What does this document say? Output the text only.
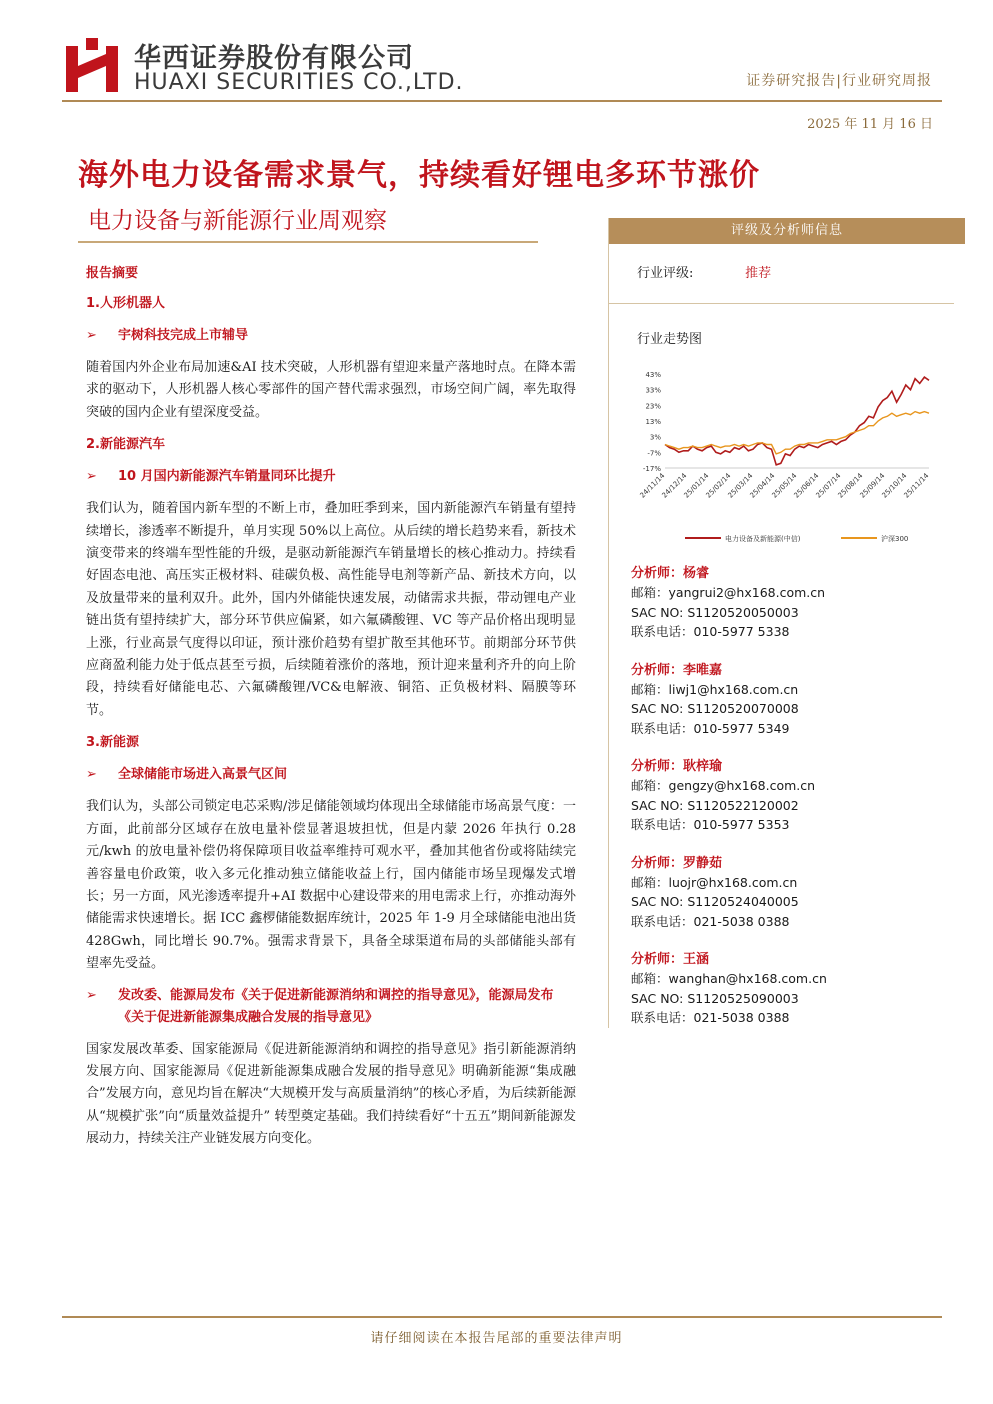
华西证券股份有限公司
HUAXI SECURITIES CO.,LTD.	证券研究报告|行业研究周报
2025 年 11 月 16 日
海外电力设备需求景气，持续看好锂电多环节涨价
电力设备与新能源行业周观察
报告摘要
1.人形机器人
➢	宇树科技完成上市辅导
随着国内外企业布局加速&AI 技术突破，人形机器有望迎来量产落地时点。在降本需求的驱动下，人形机器人核心零部件的国产替代需求强烈，市场空间广阔，率先取得突破的国内企业有望深度受益。
2.新能源汽车
➢	10 月国内新能源汽车销量同环比提升
我们认为，随着国内新车型的不断上市，叠加旺季到来，国内新能源汽车销量有望持续增长，渗透率不断提升，单月实现 50%以上高位。从后续的增长趋势来看，新技术演变带来的终端车型性能的升级，是驱动新能源汽车销量增长的核心推动力。持续看好固态电池、高压实正极材料、硅碳负极、高性能导电剂等新产品、新技术方向，以及放量带来的量利双升。此外，国内外储能快速发展，动储需求共振，带动锂电产业链出货有望持续扩大，部分环节供应偏紧，如六氟磷酸锂、VC 等产品价格出现明显上涨，行业高景气度得以印证，预计涨价趋势有望扩散至其他环节。前期部分环节供应商盈利能力处于低点甚至亏损，后续随着涨价的落地，预计迎来量利齐升的向上阶段，持续看好储能电芯、六氟磷酸锂/VC&电解液、铜箔、正负极材料、隔膜等环节。
3.新能源
➢	全球储能市场进入高景气区间
我们认为，头部公司锁定电芯采购/涉足储能领域均体现出全球储能市场高景气度：一方面，此前部分区域存在放电量补偿显著退坡担忧，但是内蒙 2026 年执行 0.28 元/kwh 的放电量补偿仍将保障项目收益率维持可观水平，叠加其他省份或将陆续完善容量电价政策，收入多元化推动独立储能收益上行，国内储能市场呈现爆发式增长；另一方面，风光渗透率提升+AI 数据中心建设带来的用电需求上行，亦推动海外储能需求快速增长。据 ICC 鑫椤储能数据库统计，2025 年 1-9 月全球储能电池出货 428Gwh，同比增长 90.7%。强需求背景下，具备全球渠道布局的头部储能头部有望率先受益。
➢	发改委、能源局发布《关于促进新能源消纳和调控的指导意见》，能源局发布《关于促进新能源集成融合发展的指导意见》
国家发展改革委、国家能源局《促进新能源消纳和调控的指导意见》指引新能源消纳发展方向、国家能源局《促进新能源集成融合发展的指导意见》明确新能源“集成融合”发展方向，意见均旨在解决“大规模开发与高质量消纳”的核心矛盾，为后续新能源从“规模扩张”向“质量效益提升” 转型奠定基础。我们持续看好“十五五”期间新能源发展动力，持续关注产业链发展方向变化。
评级及分析师信息
行业评级:	推荐
行业走势图
43%
33%
23%
13%
3%
-7%
-17%
24/11/14
24/12/14
25/01/14
25/02/14
25/03/14
25/04/14
25/05/14
25/06/14
25/07/14
25/08/14
25/09/14
25/10/14
25/11/14
电力设备及新能源(中信)	沪深300
分析师：杨睿
邮箱：yangrui2@hx168.com.cn
SAC NO: S1120520050003
联系电话：010-5977 5338
分析师：李唯嘉
邮箱：liwj1@hx168.com.cn
SAC NO: S1120520070008
联系电话：010-5977 5349
分析师：耿梓瑜
邮箱：gengzy@hx168.com.cn
SAC NO: S1120522120002
联系电话：010-5977 5353
分析师：罗静茹
邮箱：luojr@hx168.com.cn
SAC NO: S1120524040005
联系电话：021-5038 0388
分析师：王涵
邮箱：wanghan@hx168.com.cn
SAC NO: S1120525090003
联系电话：021-5038 0388
请仔细阅读在本报告尾部的重要法律声明
